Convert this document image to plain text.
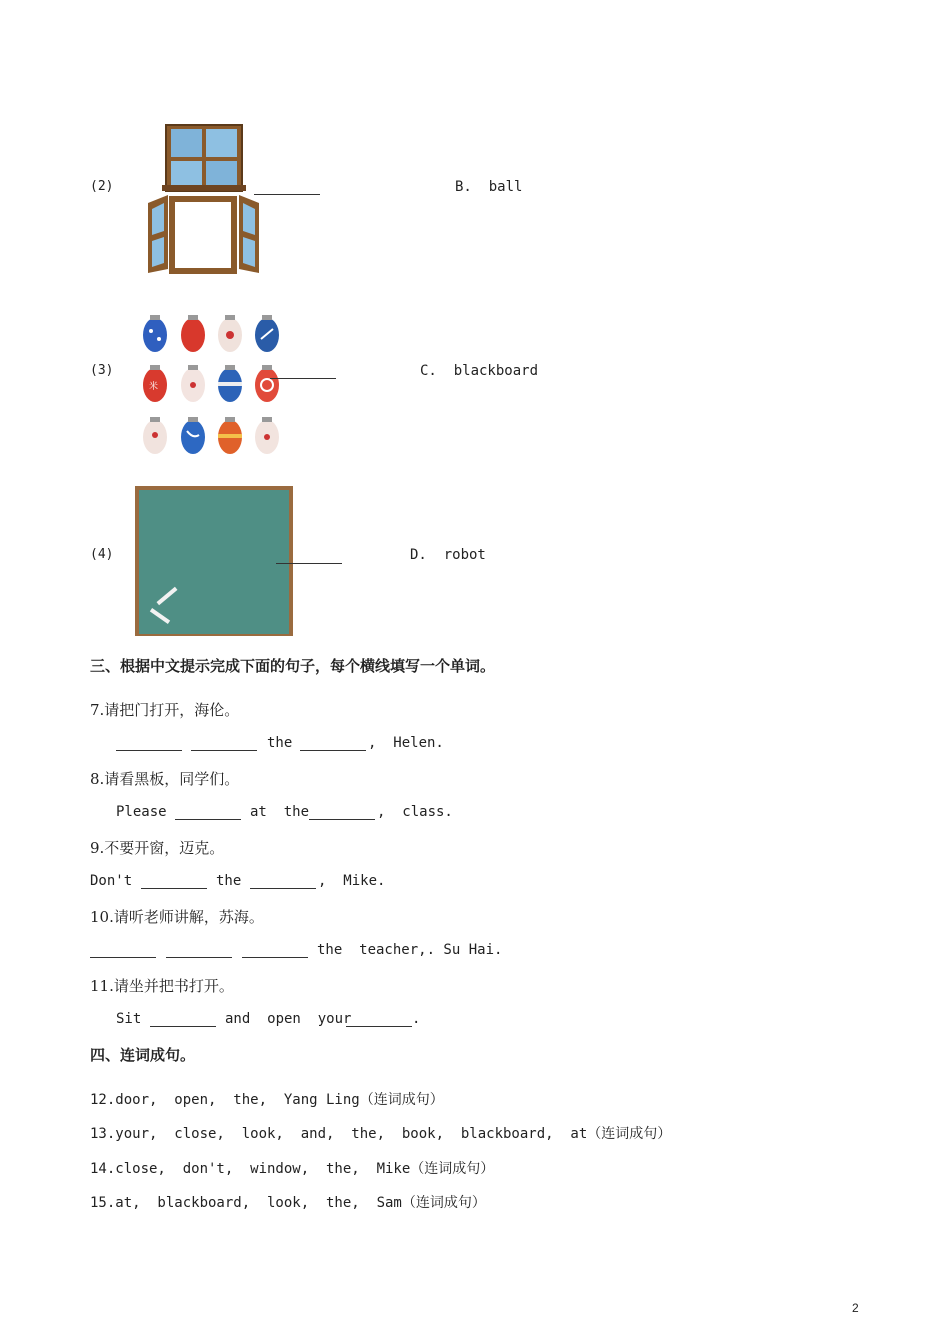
(2)

	B.  ball
(3)

米

C.  blackboard
(4)

	D.  robot
三、根据中文提示完成下面的句子，每个横线填写一个单词。
7.请把门打开，海伦。
the	,  Helen.
8.请看黑板，同学们。
Please	at  the	,  class.
9.不要开窗，迈克。
Don't	the	,  Mike.
10.请听老师讲解，苏海。
the  teacher,. Su Hai.
11.请坐并把书打开。
Sit	and  open  your	.
四、连词成句。
12.door,  open,  the,  Yang Ling（连词成句）
13.your,  close,  look,  and,  the,  book,  blackboard,  at（连词成句）
14.close,  don't,  window,  the,  Mike（连词成句）
15.at,  blackboard,  look,  the,  Sam（连词成句）
2
